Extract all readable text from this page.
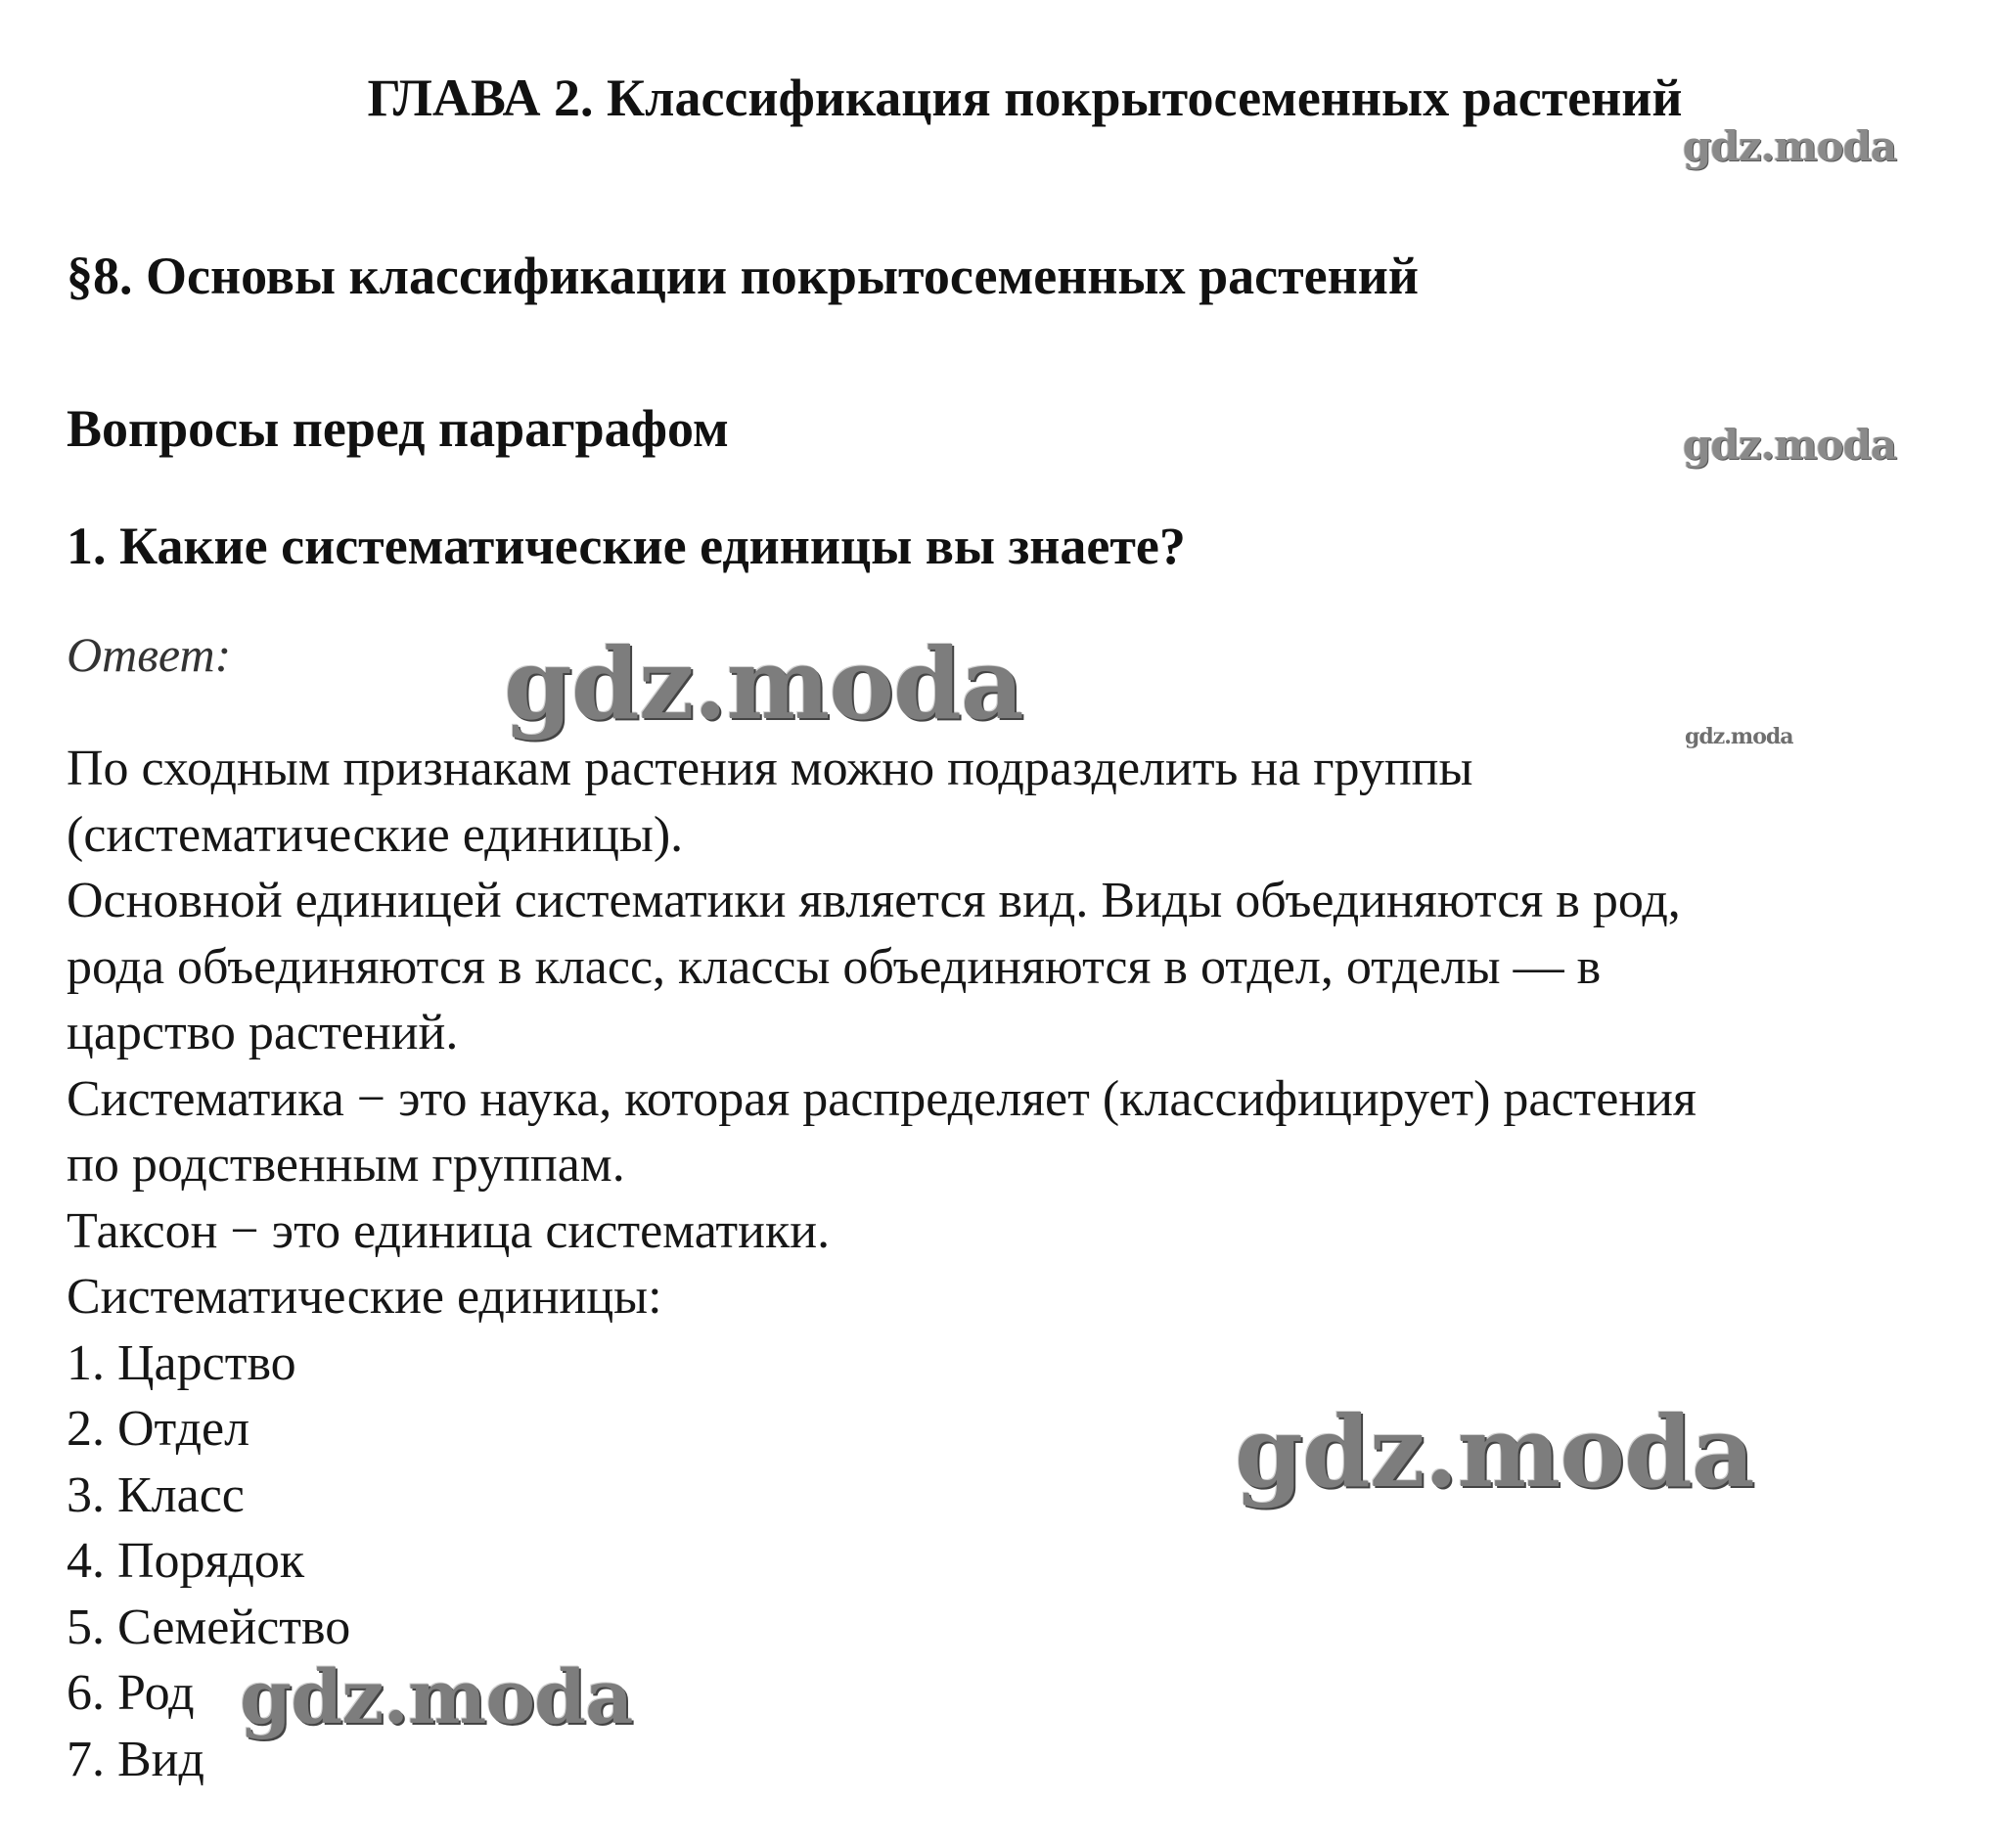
ГЛАВА 2. Классификация покрытосеменных растений
§8. Основы классификации покрытосеменных растений
Вопросы перед параграфом
1. Какие систематические единицы вы знаете?
Ответ:
По сходным признакам растения можно подразделить на группы
(систематические единицы).
Основной единицей систематики является вид. Виды объединяются в род,
рода объединяются в класс, классы объединяются в отдел, отделы — в
царство растений.
Систематика − это наука, которая распределяет (классифицирует) растения
по родственным группам.
Таксон − это единица систематики.
Систематические единицы:
1. Царство
2. Отдел
3. Класс
4. Порядок
5. Семейство
6. Род
7. Вид
gdz.moda
gdz.moda
gdz.moda	gdz.moda
gdz.moda
gdz.moda
